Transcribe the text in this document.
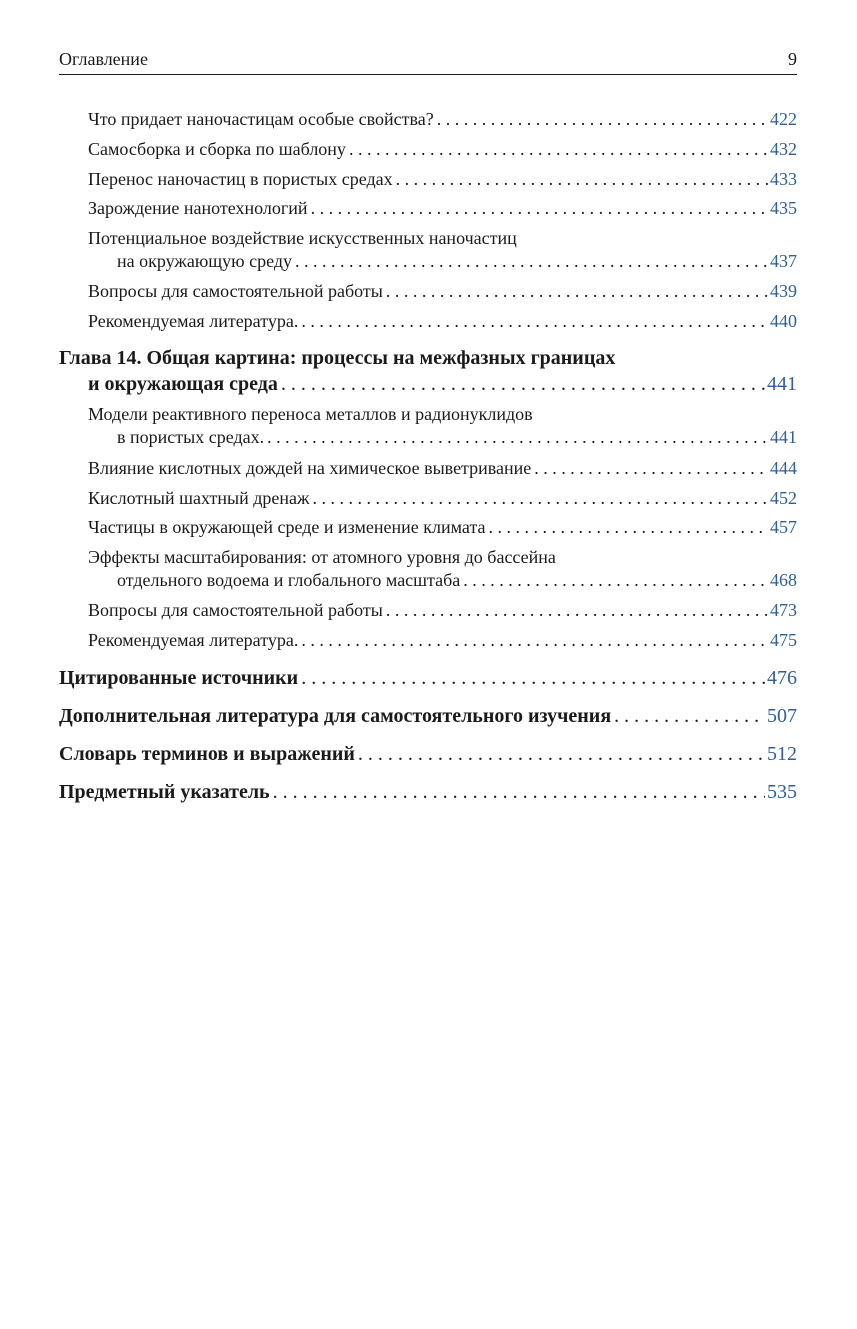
Оглавление	9
Что придает наночастицам особые свойства? . . .	422
Самосборка и сборка по шаблону . . .	432
Перенос наночастиц в пористых средах . . .	433
Зарождение нанотехнологий . . .	435
Потенциальное воздействие искусственных наночастиц
на окружающую среду . . .	437
Вопросы для самостоятельной работы . . .	439
Рекомендуемая литература. . . .	440
Глава 14. Общая картина: процессы на межфазных границах
и окружающая среда . . .	441
Модели реактивного переноса металлов и радионуклидов
в пористых средах. . . .	441
Влияние кислотных дождей на химическое выветривание . . .	444
Кислотный шахтный дренаж . . .	452
Частицы в окружающей среде и изменение климата . . .	457
Эффекты масштабирования: от атомного уровня до бассейна
отдельного водоема и глобального масштаба . . .	468
Вопросы для самостоятельной работы . . .	473
Рекомендуемая литература. . . .	475
Цитированные источники . . .	476
Дополнительная литература для самостоятельного изучения . . .	507
Словарь терминов и выражений . . .	512
Предметный указатель . . .	535
